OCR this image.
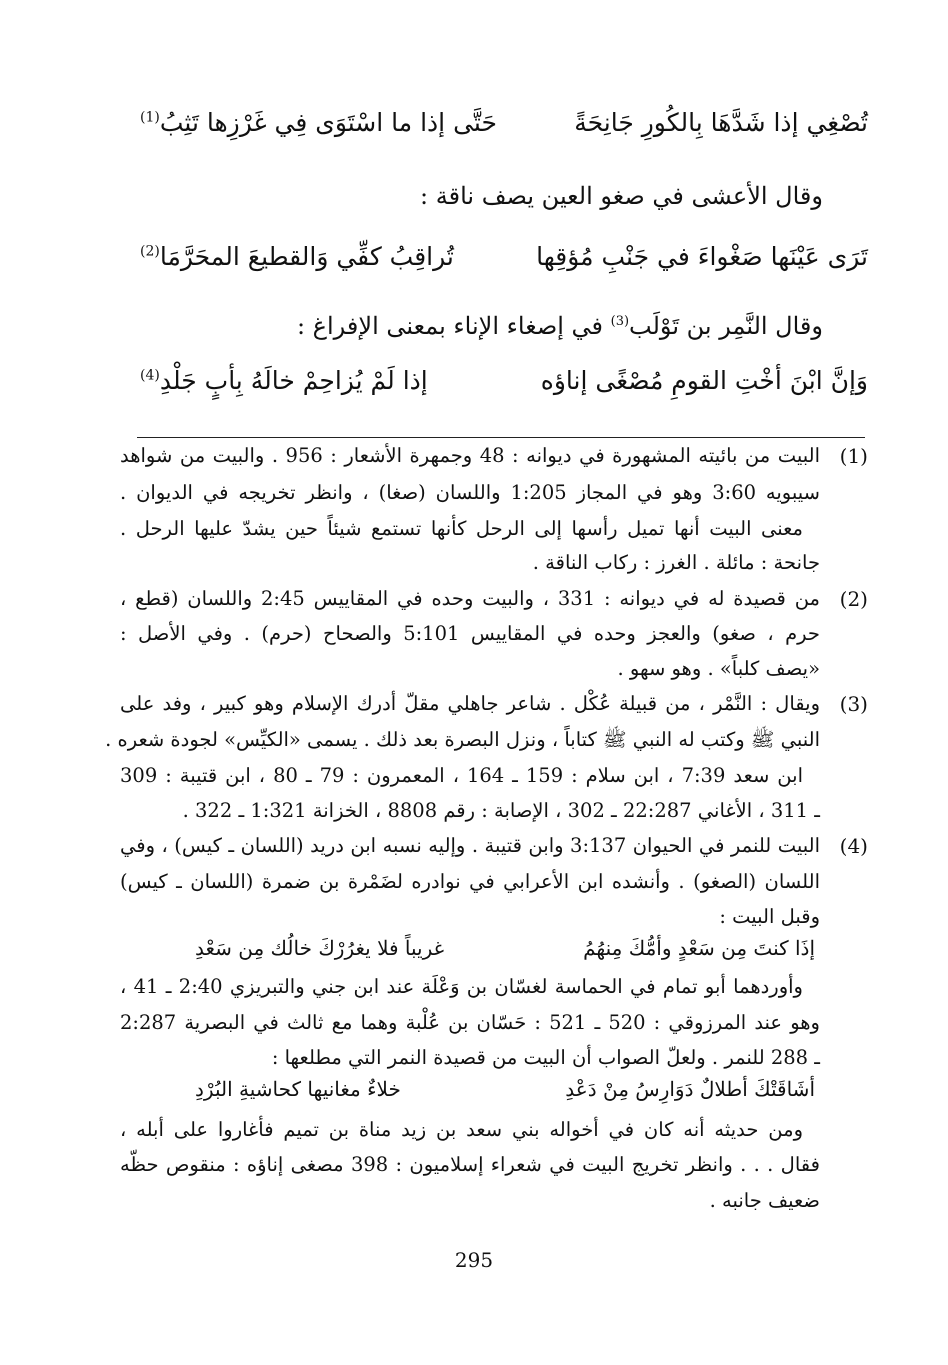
تُصْغِي إذا شَدَّهَا بِالكُورِ جَانِحَةً
حَتَّى إذا ما اسْتَوَى فِي غَرْزِها تَثِبُ$^{(1)}$
وقال الأعشى في صغو العين يصف ناقة :
تَرَى عَيْنَها صَغْواءَ في جَنْبِ مُؤقِها
تُراقِبُ كفِّي وَالقطيعَ المحَرَّمَا$^{(2)}$
وقال النَّمِر بن تَوْلَب$^{(3)}$ في إصغاء الإناء بمعنى الإفراغ :
وَإنَّ ابْنَ أخْتِ القومِ مُصْغًى إناؤه
إذا لَمْ يُزاحِمْ خالَهُ بِأبٍ جَلْدِ$^{(4)}$
(1)
البيت من بائيته المشهورة في ديوانه : 48 وجمهرة الأشعار : 956 . والبيت من شواهد
سيبويه 3:60 وهو في المجاز 1:205 واللسان (صغا) ، وانظر تخريجه في الديوان .
معنى البيت أنها تميل رأسها إلى الرحل كأنها تستمع شيئاً حين يشدّ عليها الرحل .
جانحة : مائلة . الغرز : ركاب الناقة .
(2)
من قصيدة له في ديوانه : 331 ، والبيت وحده في المقاييس 2:45 واللسان (قطع ،
حرم ، صغو) والعجز وحده في المقاييس 5:101 والصحاح (حرم) . وفي الأصل :
«يصف كلباً» . وهو سهو .
(3)
ويقال : النَّمْر ، من قبيلة عُكْل . شاعر جاهلي مقلّ أدرك الإسلام وهو كبير ، وفد على
النبي ﷺ وكتب له النبي ﷺ كتاباً ، ونزل البصرة بعد ذلك . يسمى «الكيِّس» لجودة شعره .
ابن سعد 7:39 ، ابن سلام : 159 ـ 164 ، المعمرون : 79 ـ 80 ، ابن قتيبة : 309
ـ 311 ، الأغاني 22:287 ـ 302 ، الإصابة : رقم 8808 ، الخزانة 1:321 ـ 322 .
(4)
البيت للنمر في الحيوان 3:137 وابن قتيبة . وإليه نسبه ابن دريد (اللسان ـ كيس) ، وفي
اللسان (الصغو) . وأنشده ابن الأعرابي في نوادره لضَمْرة بن ضمرة (اللسان ـ كيس)
وقبل البيت :
إذَا كنتَ مِن سَعْدٍ وأمُّكَ مِنهُمُ
غريباً فلا يغرُرْكَ خالُك مِن سَعْدِ
وأوردهما أبو تمام في الحماسة لغسّان بن وَعْلَة عند ابن جني والتبريزي 2:40 ـ 41 ،
وهو عند المرزوقي : 520 ـ 521 : حَسّان بن عُلْبة وهما مع ثالث في البصرية 2:287
ـ 288 للنمر . ولعلّ الصواب أن البيت من قصيدة النمر التي مطلعها :
أشَاقَتْكَ أطلالٌ دَوَارِسُ مِنْ دَعْدِ
خلاءٌ مغانيها كحاشيةِ البُرْدِ
ومن حديثه أنه كان في أخواله بني سعد بن زيد مناة بن تميم فأغاروا على أبله ،
فقال . . . وانظر تخريج البيت في شعراء إسلاميون : 398 مصغى إناؤه : منقوص حظّه
ضعيف جانبه .
295
